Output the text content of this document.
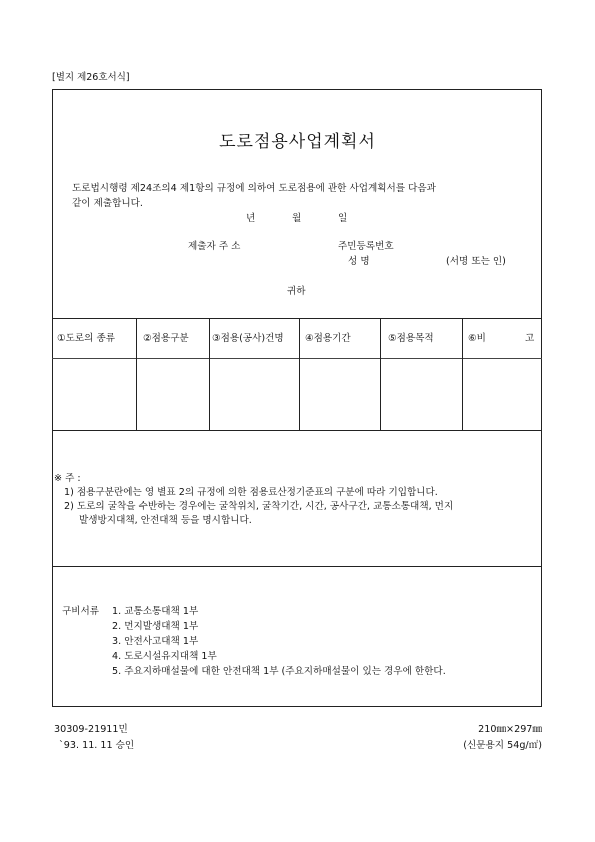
[별지 제26호서식]
도로점용사업계획서
도로법시행령 제24조의4 제1항의 규정에 의하여 도로점용에 관한 사업계획서를 다음과
같이 제출합니다.
년	월	일
제출자 주 소	주민등록번호
성 명	(서명 또는 인)
귀하
①도로의 종류	②점용구분 ③점용(공사)건명 ④점용기간	⑤점용목적	⑥비	고
※ 주 :
1) 점용구분란에는 영 별표 2의 규정에 의한 점용료산정기준표의 구분에 따라 기입합니다.
2) 도로의 굴착을 수반하는 경우에는 굴착위치, 굴착기간, 시간, 공사구간, 교통소통대책, 먼지
발생방지대책, 안전대책 등을 명시합니다.
구비서류 1. 교통소통대책 1부
2. 먼지발생대책 1부
3. 안전사고대책 1부
4. 도로시설유지대책 1부
5. 주요지하매설물에 대한 안전대책 1부 (주요지하매설물이 있는 경우에 한한다.
30309-21911민
`93. 11. 11 승인
210㎜×297㎜
(신문용지 54g/㎡)
